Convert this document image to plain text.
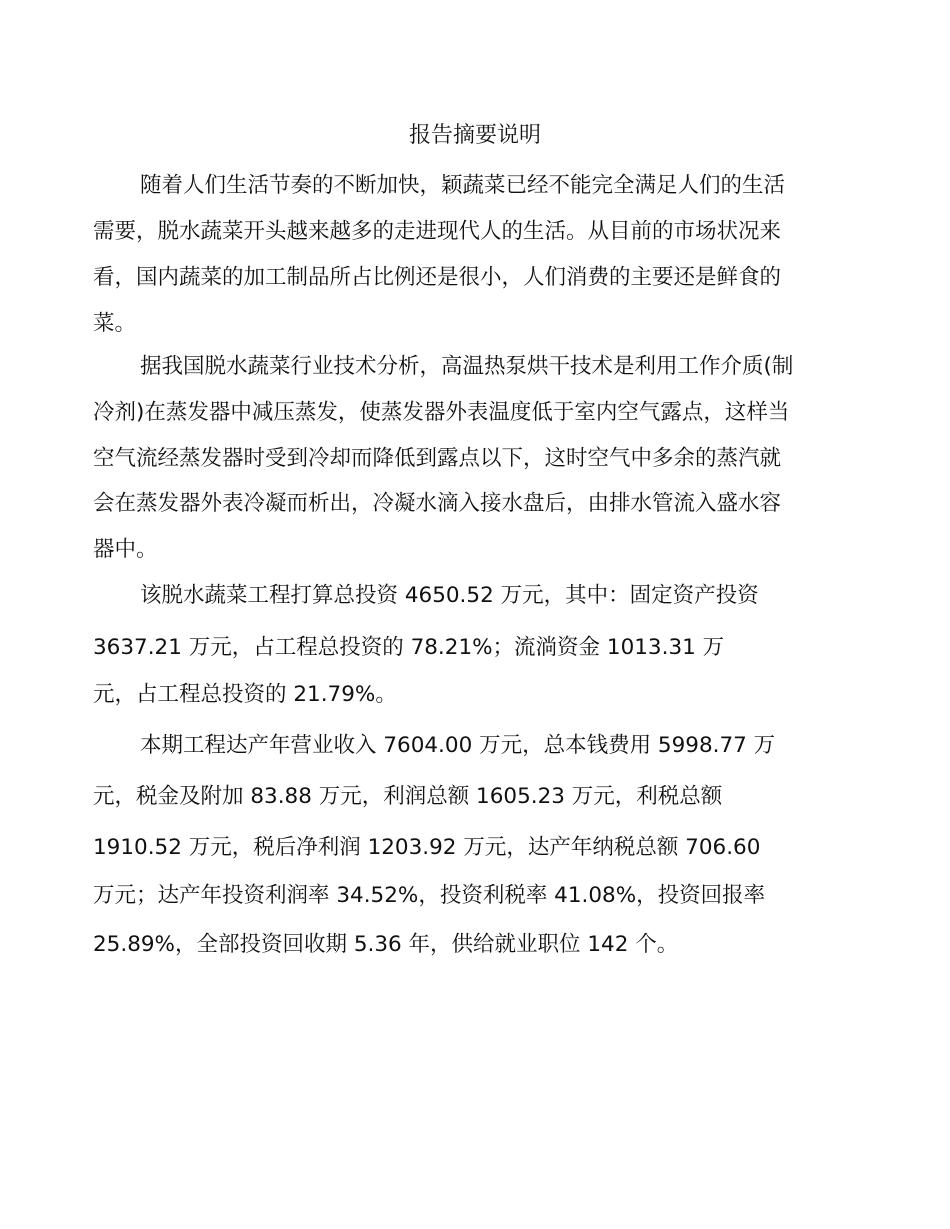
报告摘要说明
随着人们生活节奏的不断加快，颖蔬菜已经不能完全满足人们的生活
需要，脱水蔬菜开头越来越多的走进现代人的生活。从目前的市场状况来
看，国内蔬菜的加工制品所占比例还是很小，人们消费的主要还是鲜食的
菜。
据我国脱水蔬菜行业技术分析，高温热泵烘干技术是利用工作介质(制
冷剂)在蒸发器中减压蒸发，使蒸发器外表温度低于室内空气露点，这样当
空气流经蒸发器时受到冷却而降低到露点以下，这时空气中多余的蒸汽就
会在蒸发器外表冷凝而析出，冷凝水滴入接水盘后，由排水管流入盛水容
器中。
该脱水蔬菜工程打算总投资 4650.52 万元，其中：固定资产投资
3637.21 万元，占工程总投资的 78.21%；流淌资金 1013.31 万
元，占工程总投资的 21.79%。
本期工程达产年营业收入 7604.00 万元，总本钱费用 5998.77 万
元，税金及附加 83.88 万元，利润总额 1605.23 万元，利税总额
1910.52 万元，税后净利润 1203.92 万元，达产年纳税总额 706.60
万元；达产年投资利润率 34.52%，投资利税率 41.08%，投资回报率
25.89%，全部投资回收期 5.36 年，供给就业职位 142 个。
